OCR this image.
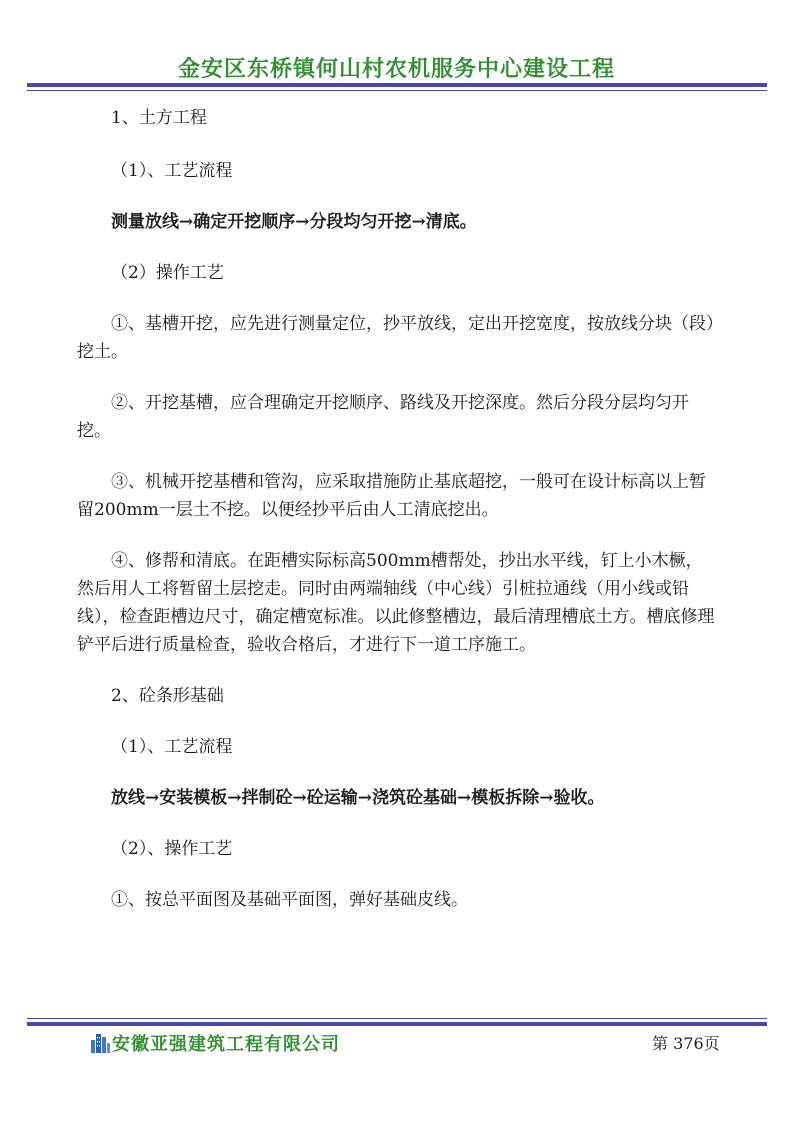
金安区东桥镇何山村农机服务中心建设工程

1、土方工程

（1）、工艺流程

测量放线→确定开挖顺序→分段均匀开挖→清底。

（2）操作工艺

①、基槽开挖，应先进行测量定位，抄平放线，定出开挖宽度，按放线分块（段）挖土。

②、开挖基槽，应合理确定开挖顺序、路线及开挖深度。然后分段分层均匀开挖。

③、机械开挖基槽和管沟，应采取措施防止基底超挖，一般可在设计标高以上暂留200mm一层土不挖。以便经抄平后由人工清底挖出。

④、修帮和清底。在距槽实际标高500mm槽帮处，抄出水平线，钉上小木橛，然后用人工将暂留土层挖走。同时由两端轴线（中心线）引桩拉通线（用小线或铅线），检查距槽边尺寸，确定槽宽标准。以此修整槽边，最后清理槽底土方。槽底修理铲平后进行质量检查，验收合格后，才进行下一道工序施工。

2、砼条形基础

（1）、工艺流程

放线→安装模板→拌制砼→砼运输→浇筑砼基础→模板拆除→验收。

（2）、操作工艺

①、按总平面图及基础平面图，弹好基础皮线。

安徽亚强建筑工程有限公司	第 376页
